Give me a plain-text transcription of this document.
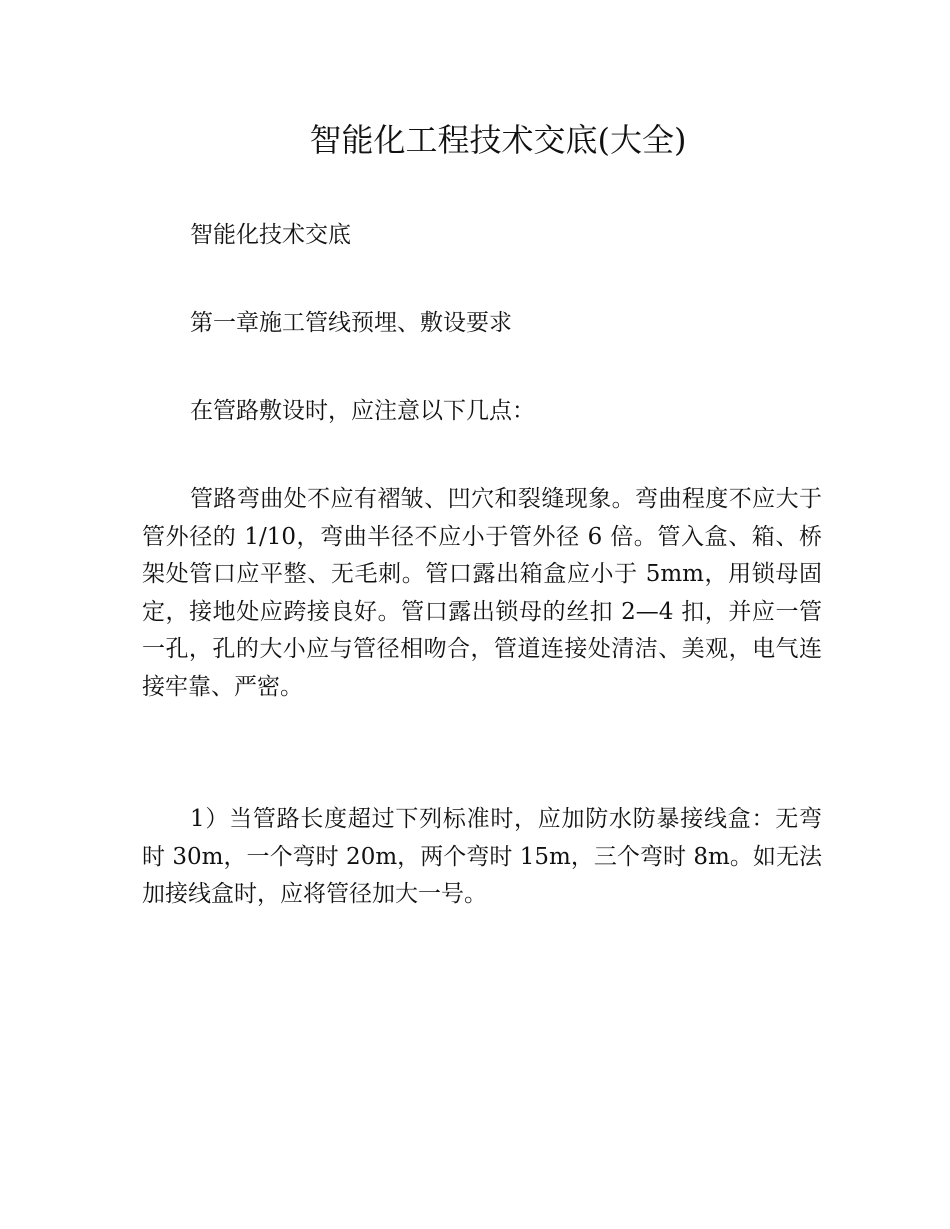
智能化工程技术交底(大全)

智能化技术交底

第一章施工管线预埋、敷设要求

在管路敷设时，应注意以下几点：

管路弯曲处不应有褶皱、凹穴和裂缝现象。弯曲程度不应大于管外径的 1/10，弯曲半径不应小于管外径 6 倍。管入盒、箱、桥架处管口应平整、无毛刺。管口露出箱盒应小于 5mm，用锁母固定，接地处应跨接良好。管口露出锁母的丝扣 2—4 扣，并应一管一孔，孔的大小应与管径相吻合，管道连接处清洁、美观，电气连接牢靠、严密。

1）当管路长度超过下列标准时，应加防水防暴接线盒：无弯时 30m，一个弯时 20m，两个弯时 15m，三个弯时 8m。如无法加接线盒时，应将管径加大一号。
